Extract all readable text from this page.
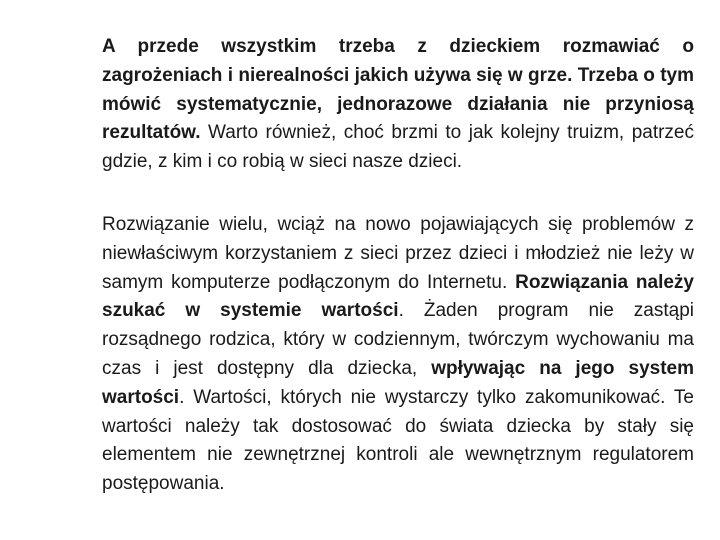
A przede wszystkim trzeba z dzieckiem rozmawiać o zagrożeniach i nierealności jakich używa się w grze. Trzeba o tym mówić systematycznie, jednorazowe działania nie przyniosą rezultatów. Warto również, choć brzmi to jak kolejny truizm, patrzeć gdzie, z kim i co robią w sieci nasze dzieci.

Rozwiązanie wielu, wciąż na nowo pojawiających się problemów z niewłaściwym korzystaniem z sieci przez dzieci i młodzież nie leży w samym komputerze podłączonym do Internetu. Rozwiązania należy szukać w systemie wartości. Żaden program nie zastąpi rozsądnego rodzica, który w codziennym, twórczym wychowaniu ma czas i jest dostępny dla dziecka, wpływając na jego system wartości. Wartości, których nie wystarczy tylko zakomunikować. Te wartości należy tak dostosować do świata dziecka by stały się elementem nie zewnętrznej kontroli ale wewnętrznym regulatorem postępowania.
